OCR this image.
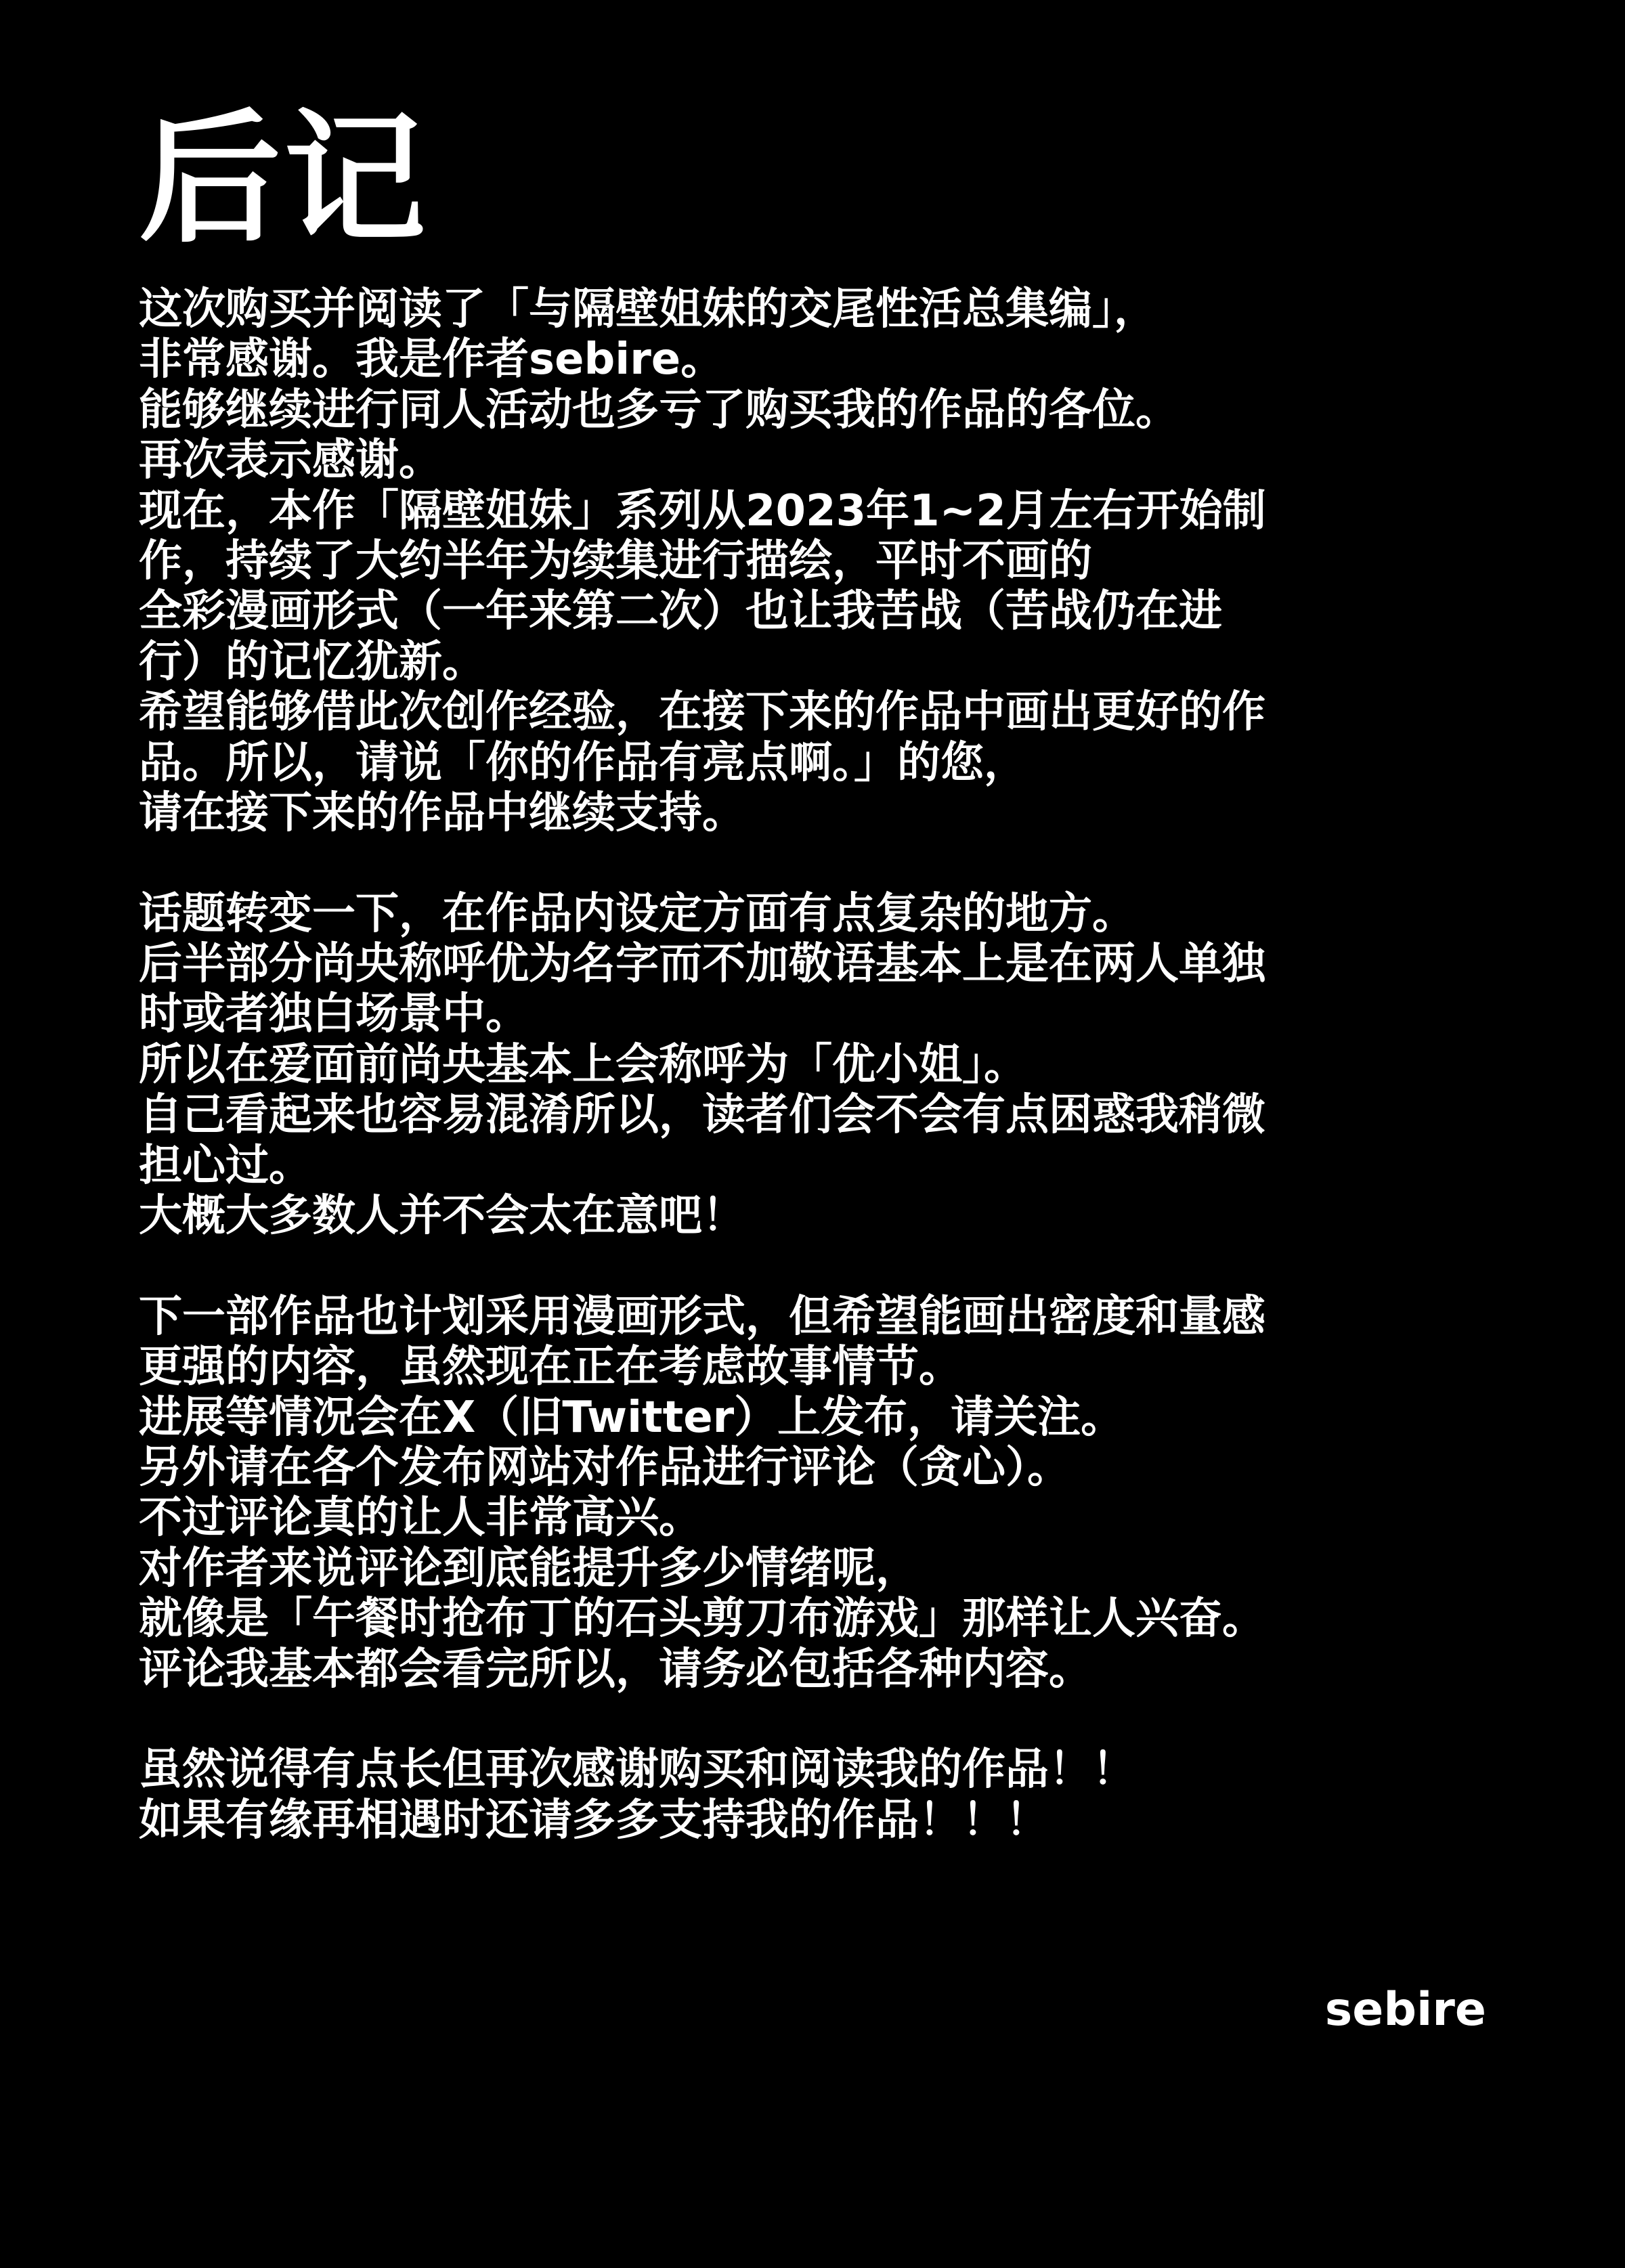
后记
这次购买并阅读了「与隔壁姐妹的交尾性活总集编」，
非常感谢。我是作者sebire。
能够继续进行同人活动也多亏了购买我的作品的各位。
再次表示感谢。
现在，本作「隔壁姐妹」系列从2023年1~2月左右开始制
作，持续了大约半年为续集进行描绘，平时不画的
全彩漫画形式（一年来第二次）也让我苦战（苦战仍在进
行）的记忆犹新。
希望能够借此次创作经验，在接下来的作品中画出更好的作
品。所以，请说「你的作品有亮点啊。」的您，
请在接下来的作品中继续支持。
话题转变一下，在作品内设定方面有点复杂的地方。
后半部分尚央称呼优为名字而不加敬语基本上是在两人单独
时或者独白场景中。
所以在爱面前尚央基本上会称呼为「优小姐」。
自己看起来也容易混淆所以，读者们会不会有点困惑我稍微
担心过。
大概大多数人并不会太在意吧！
下一部作品也计划采用漫画形式，但希望能画出密度和量感
更强的内容，虽然现在正在考虑故事情节。
进展等情况会在X（旧Twitter）上发布，请关注。
另外请在各个发布网站对作品进行评论（贪心）。
不过评论真的让人非常高兴。
对作者来说评论到底能提升多少情绪呢，
就像是「午餐时抢布丁的石头剪刀布游戏」那样让人兴奋。
评论我基本都会看完所以，请务必包括各种内容。
虽然说得有点长但再次感谢购买和阅读我的作品！！
如果有缘再相遇时还请多多支持我的作品！！！
sebire
